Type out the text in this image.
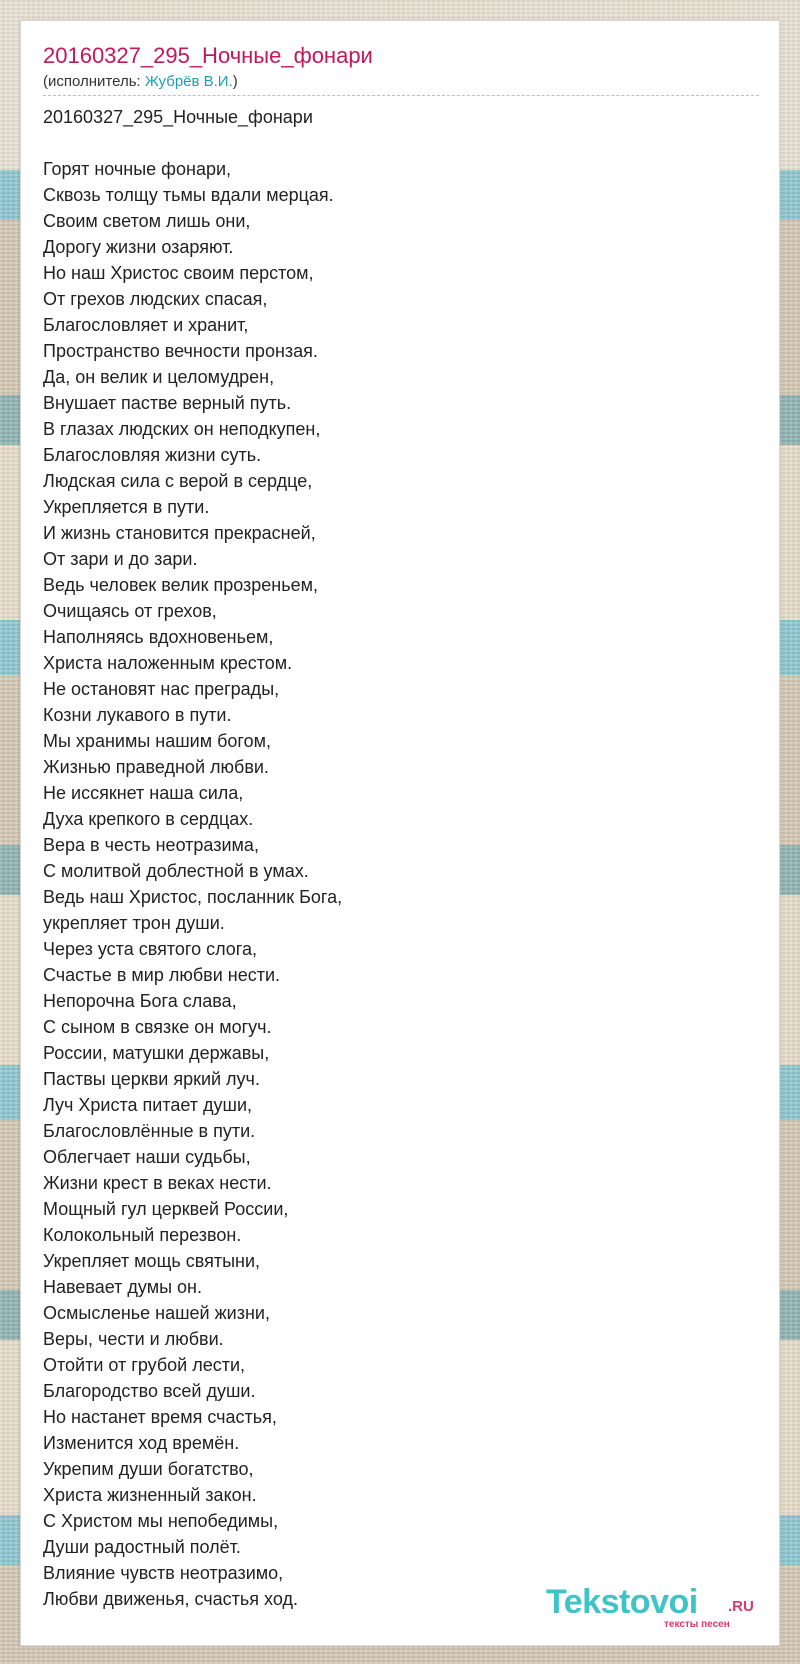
20160327_295_Ночные_фонари
(исполнитель: Жубрёв В.И.)
20160327_295_Ночные_фонари
Горят ночные фонари,
Сквозь толщу тьмы вдали мерцая.
Своим светом лишь они,
Дорогу жизни озаряют.
Но наш Христос своим перстом,
От грехов людских спасая,
Благословляет и хранит,
Пространство вечности пронзая.
Да, он велик и целомудрен,
Внушает пастве верный путь.
В глазах людских он неподкупен,
Благословляя жизни суть.
Людская сила с верой в сердце,
Укрепляется в пути.
И жизнь становится прекрасней,
От зари и до зари.
Ведь человек велик прозреньем,
Очищаясь от грехов,
Наполняясь вдохновеньем,
Христа наложенным крестом.
Не остановят нас преграды,
Козни лукавого в пути.
Мы хранимы нашим богом,
Жизнью праведной любви.
Не иссякнет наша сила,
Духа крепкого в сердцах.
Вера в честь неотразима,
С молитвой доблестной в умах.
Ведь наш Христос, посланник Бога,
укрепляет трон души.
Через уста святого слога,
Счастье в мир любви нести.
Непорочна Бога слава,
С сыном в связке он могуч.
России, матушки державы,
Паствы церкви яркий луч.
Луч Христа питает души,
Благословлённые в пути.
Облегчает наши судьбы,
Жизни крест в веках нести.
Мощный гул церквей России,
Колокольный перезвон.
Укрепляет мощь святыни,
Навевает думы он.
Осмысленье нашей жизни,
Веры, чести и любви.
Отойти от грубой лести,
Благородство всей души.
Но настанет время счастья,
Изменится ход времён.
Укрепим души богатство,
Христа жизненный закон.
С Христом мы непобедимы,
Души радостный полёт.
Влияние чувств неотразимо,
Любви движенья, счастья ход.	Tekstovoi .RU
тексты песен
